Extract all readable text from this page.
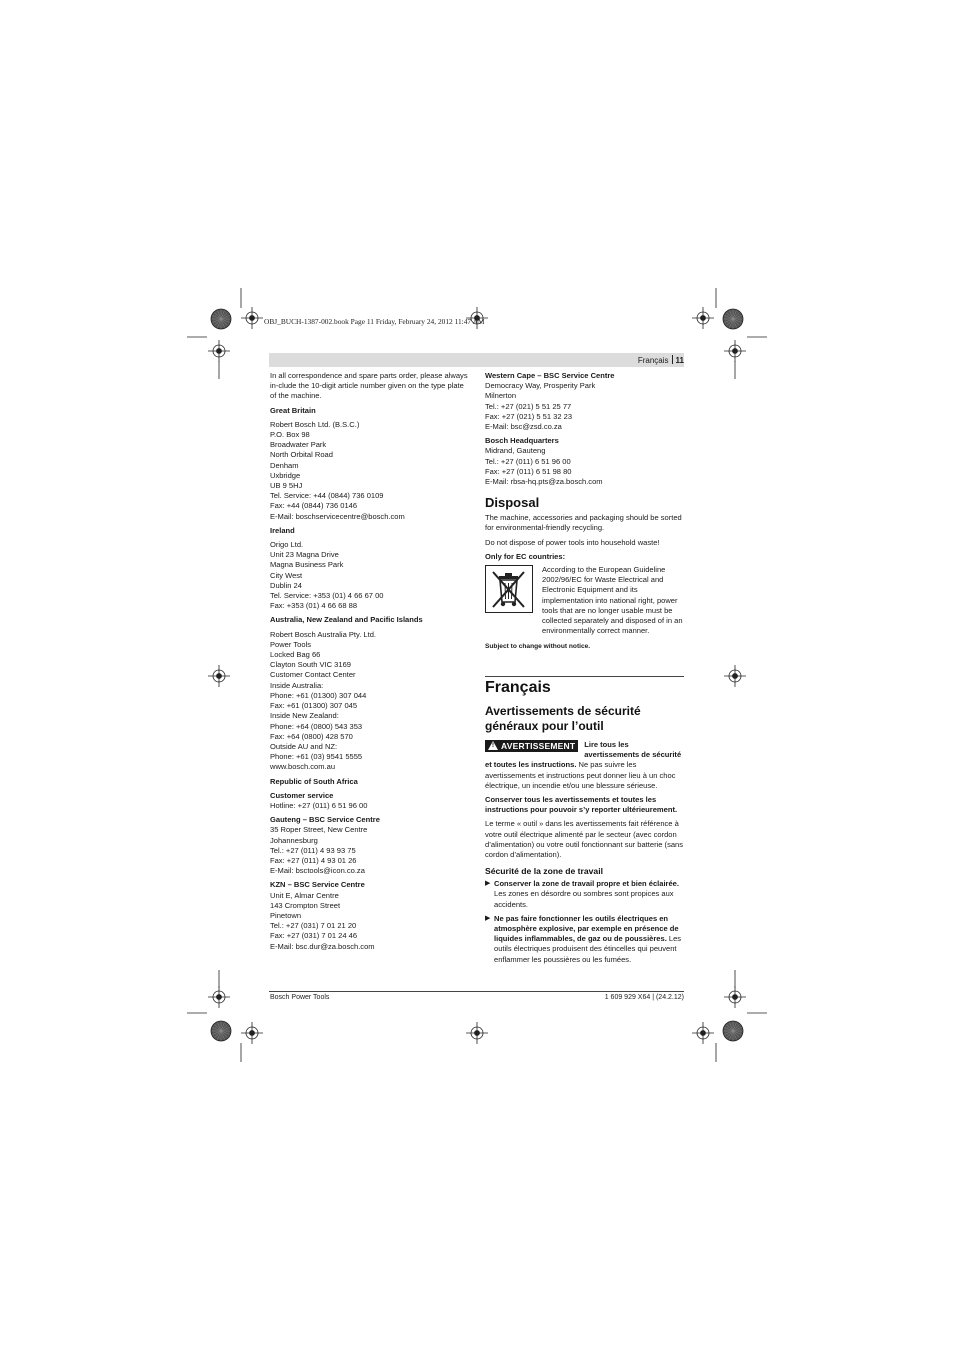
OBJ_BUCH-1387-002.book Page 11 Friday, February 24, 2012 11:47 AM
Français 11

In all correspondence and spare parts order, please always in-clude the 10-digit article number given on the type plate of the machine.

Great Britain

Robert Bosch Ltd. (B.S.C.)
P.O. Box 98
Broadwater Park
North Orbital Road
Denham
Uxbridge
UB 9 5HJ
Tel. Service: +44 (0844) 736 0109
Fax: +44 (0844) 736 0146
E-Mail: boschservicecentre@bosch.com

Ireland

Origo Ltd.
Unit 23 Magna Drive
Magna Business Park
City West
Dublin 24
Tel. Service: +353 (01) 4 66 67 00
Fax: +353 (01) 4 66 68 88

Australia, New Zealand and Pacific Islands

Robert Bosch Australia Pty. Ltd.
Power Tools
Locked Bag 66
Clayton South VIC 3169
Customer Contact Center
Inside Australia:
Phone: +61 (01300) 307 044
Fax: +61 (01300) 307 045
Inside New Zealand:
Phone: +64 (0800) 543 353
Fax: +64 (0800) 428 570
Outside AU and NZ:
Phone: +61 (03) 9541 5555
www.bosch.com.au

Republic of South Africa

Customer service

Hotline: +27 (011) 6 51 96 00

Gauteng – BSC Service Centre

35 Roper Street, New Centre
Johannesburg
Tel.: +27 (011) 4 93 93 75
Fax: +27 (011) 4 93 01 26
E-Mail: bsctools@icon.co.za

KZN – BSC Service Centre

Unit E, Almar Centre
143 Crompton Street
Pinetown
Tel.: +27 (031) 7 01 21 20
Fax: +27 (031) 7 01 24 46
E-Mail: bsc.dur@za.bosch.com

Western Cape – BSC Service Centre

Democracy Way, Prosperity Park
Milnerton
Tel.: +27 (021) 5 51 25 77
Fax: +27 (021) 5 51 32 23
E-Mail: bsc@zsd.co.za

Bosch Headquarters

Midrand, Gauteng
Tel.: +27 (011) 6 51 96 00
Fax: +27 (011) 6 51 98 80
E-Mail: rbsa-hq.pts@za.bosch.com

Disposal

The machine, accessories and packaging should be sorted for environmental-friendly recycling.

Do not dispose of power tools into household waste!

Only for EC countries:

According to the European Guideline 2002/96/EC for Waste Electrical and Electronic Equipment and its implementation into national right, power tools that are no longer usable must be collected separately and disposed of in an environmentally correct manner.

Subject to change without notice.

Français

Avertissements de sécurité généraux pour l’outil

! AVERTISSEMENT	Lire tous les avertissements de sécurité et toutes les instructions. Ne pas suivre les avertissements et instructions peut donner lieu à un choc électrique, un incendie et/ou une blessure sérieuse.

Conserver tous les avertissements et toutes les instructions pour pouvoir s’y reporter ultérieurement.

Le terme « outil » dans les avertissements fait référence à votre outil électrique alimenté par le secteur (avec cordon d’alimentation) ou votre outil fonctionnant sur batterie (sans cordon d’alimentation).

Sécurité de la zone de travail

▶ Conserver la zone de travail propre et bien éclairée. Les zones en désordre ou sombres sont propices aux accidents.

▶ Ne pas faire fonctionner les outils électriques en atmosphère explosive, par exemple en présence de liquides inflammables, de gaz ou de poussières. Les outils électriques produisent des étincelles qui peuvent enflammer les poussières ou les fumées.

Bosch Power Tools	1 609 929 X64 | (24.2.12)
